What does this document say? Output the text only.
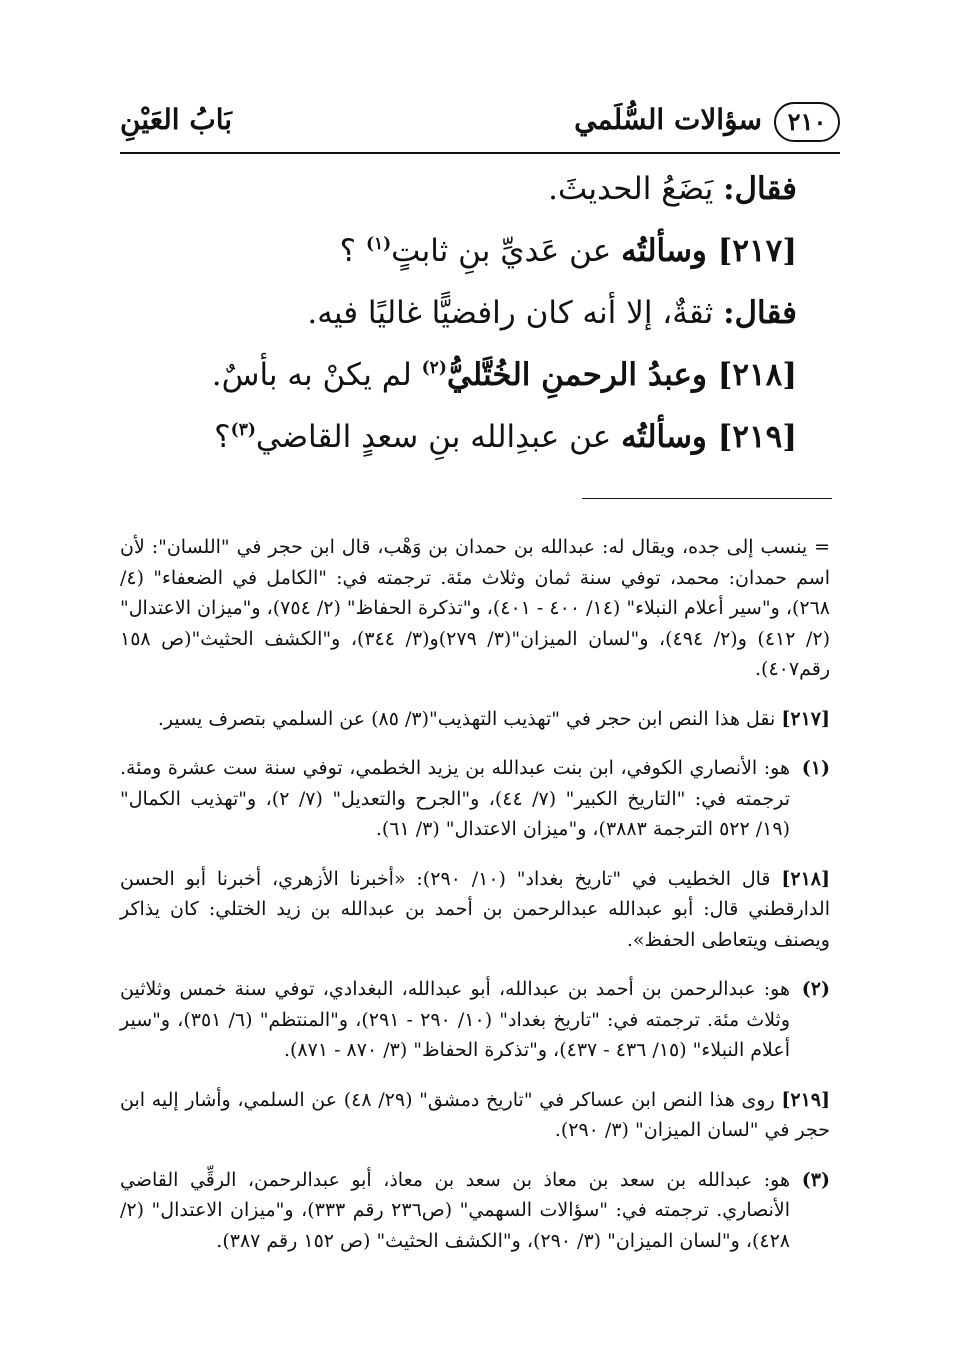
٢١٠
سؤالات السُّلَمي
بَابُ العَيْنِ
فقال: يَضَعُ الحديثَ.
[٢١٧] وسألتُه عن عَديِّ بنِ ثابتٍ$^{(١)}$ ؟
فقال: ثقةٌ، إلا أنه كان رافضيًّا غاليًا فيه.
[٢١٨] وعبدُ الرحمنِ الخُتَّليُّ$^{(٢)}$ لم يكنْ به بأسٌ.
[٢١٩] وسألتُه عن عبدِالله بنِ سعدٍ القاضي$^{(٣)}$؟

= ينسب إلى جده، ويقال له: عبدالله بن حمدان بن وَهْب، قال ابن حجر في "اللسان": لأن اسم حمدان: محمد، توفي سنة ثمان وثلاث مئة. ترجمته في: "الكامل في الضعفاء" (٤/ ٢٦٨)، و"سير أعلام النبلاء" (١٤/ ٤٠٠ - ٤٠١)، و"تذكرة الحفاظ" (٢/ ٧٥٤)، و"ميزان الاعتدال" (٢/ ٤١٢) و(٢/ ٤٩٤)، و"لسان الميزان"(٣/ ٢٧٩)و(٣/ ٣٤٤)، و"الكشف الحثيث"(ص ١٥٨ رقم٤٠٧).

[٢١٧] نقل هذا النص ابن حجر في "تهذيب التهذيب"(٣/ ٨٥) عن السلمي بتصرف يسير.

(١)
هو: الأنصاري الكوفي، ابن بنت عبدالله بن يزيد الخطمي، توفي سنة ست عشرة ومئة. ترجمته في: "التاريخ الكبير" (٧/ ٤٤)، و"الجرح والتعديل" (٧/ ٢)، و"تهذيب الكمال" (١٩/ ٥٢٢ الترجمة ٣٨٨٣)، و"ميزان الاعتدال" (٣/ ٦١).

[٢١٨] قال الخطيب في "تاريخ بغداد" (١٠/ ٢٩٠): «أخبرنا الأزهري، أخبرنا أبو الحسن الدارقطني قال: أبو عبدالله عبدالرحمن بن أحمد بن عبدالله بن زيد الختلي: كان يذاكر ويصنف ويتعاطى الحفظ».

(٢)
هو: عبدالرحمن بن أحمد بن عبدالله، أبو عبدالله، البغدادي، توفي سنة خمس وثلاثين وثلاث مئة. ترجمته في: "تاريخ بغداد" (١٠/ ٢٩٠ - ٢٩١)، و"المنتظم" (٦/ ٣٥١)، و"سير أعلام النبلاء" (١٥/ ٤٣٦ - ٤٣٧)، و"تذكرة الحفاظ" (٣/ ٨٧٠ - ٨٧١).

[٢١٩] روى هذا النص ابن عساكر في "تاريخ دمشق" (٢٩/ ٤٨) عن السلمي، وأشار إليه ابن حجر في "لسان الميزان" (٣/ ٢٩٠).

(٣)
هو: عبدالله بن سعد بن معاذ بن سعد بن معاذ، أبو عبدالرحمن، الرقِّي القاضي الأنصاري. ترجمته في: "سؤالات السهمي" (ص٢٣٦ رقم ٣٣٣)، و"ميزان الاعتدال" (٢/ ٤٢٨)، و"لسان الميزان" (٣/ ٢٩٠)، و"الكشف الحثيث" (ص ١٥٢ رقم ٣٨٧).
